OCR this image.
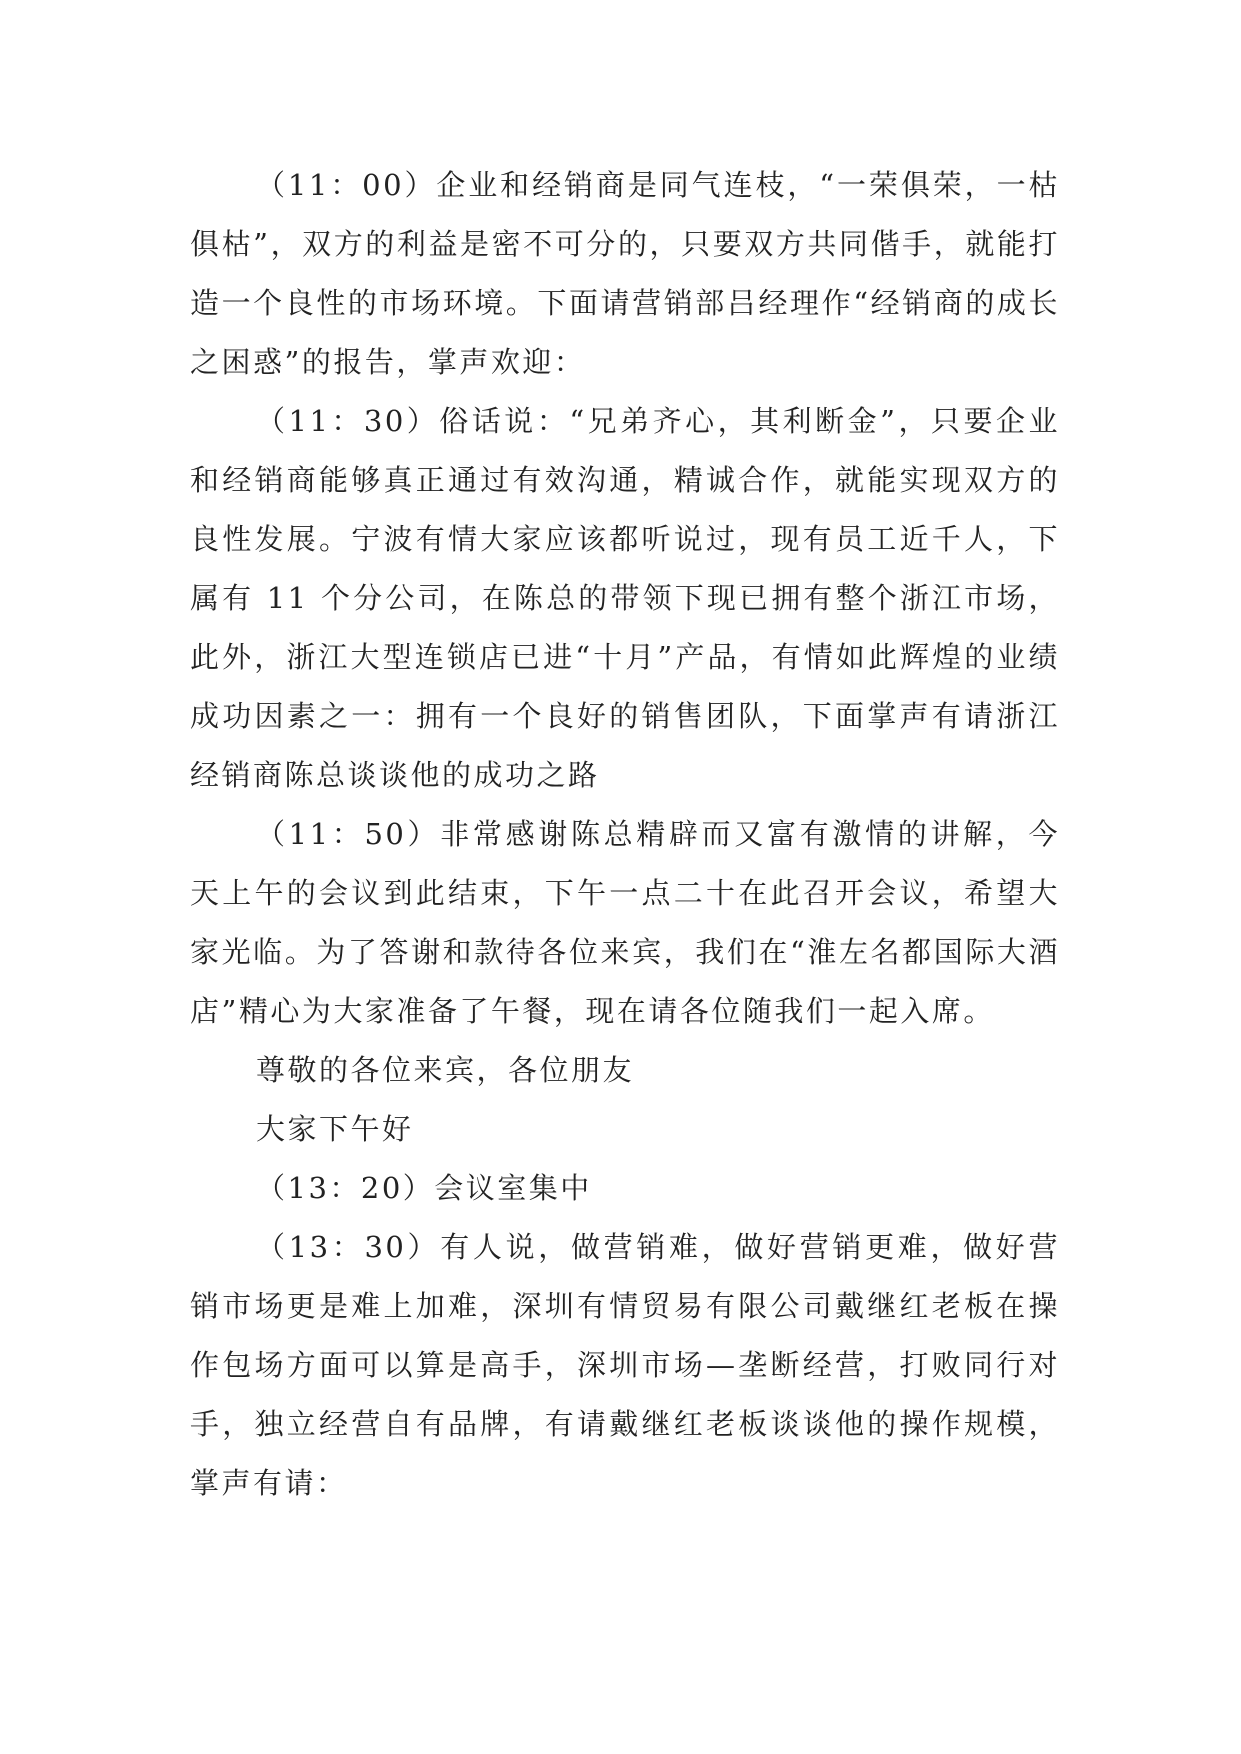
（11：00）企业和经销商是同气连枝，“一荣俱荣，一枯俱枯”，双方的利益是密不可分的，只要双方共同偕手，就能打造一个良性的市场环境。下面请营销部吕经理作“经销商的成长之困惑”的报告，掌声欢迎：

（11：30）俗话说：“兄弟齐心，其利断金”，只要企业和经销商能够真正通过有效沟通，精诚合作，就能实现双方的良性发展。宁波有情大家应该都听说过，现有员工近千人，下属有 11 个分公司，在陈总的带领下现已拥有整个浙江市场，此外，浙江大型连锁店已进“十月”产品，有情如此辉煌的业绩成功因素之一：拥有一个良好的销售团队，下面掌声有请浙江经销商陈总谈谈他的成功之路

（11：50）非常感谢陈总精辟而又富有激情的讲解，今天上午的会议到此结束，下午一点二十在此召开会议，希望大家光临。为了答谢和款待各位来宾，我们在“淮左名都国际大酒店”精心为大家准备了午餐，现在请各位随我们一起入席。

尊敬的各位来宾，各位朋友

大家下午好

（13：20）会议室集中

（13：30）有人说，做营销难，做好营销更难，做好营销市场更是难上加难，深圳有情贸易有限公司戴继红老板在操作包场方面可以算是高手，深圳市场—垄断经营，打败同行对手，独立经营自有品牌，有请戴继红老板谈谈他的操作规模，掌声有请：
